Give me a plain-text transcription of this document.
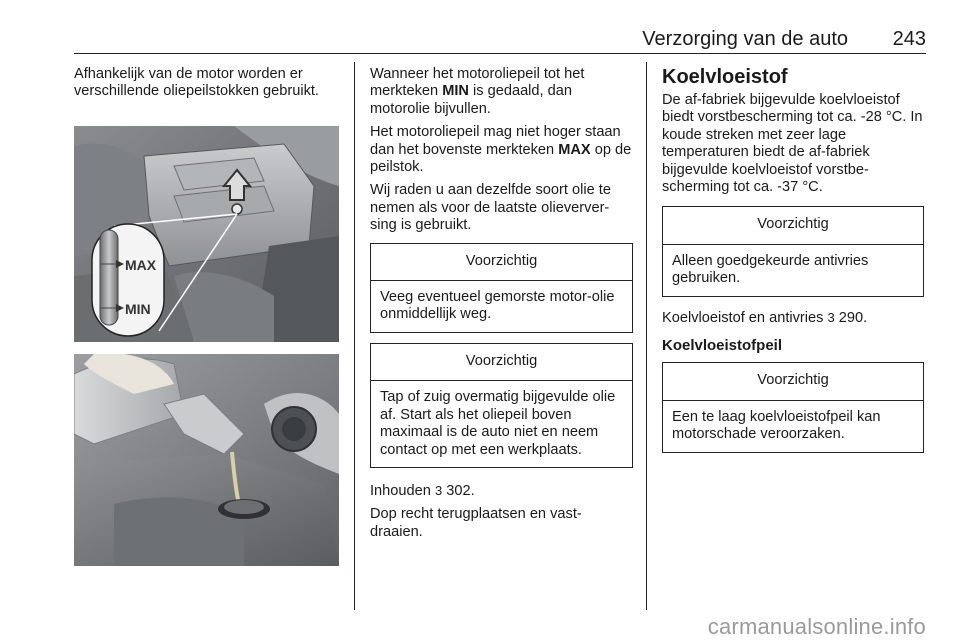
Verzorging van de auto 243

Afhankelijk van de motor worden er verschillende oliepeilstokken gebruikt.

MAX
MIN

Wanneer het motoroliepeil tot het merkteken MIN is gedaald, dan motorolie bijvullen.

Het motoroliepeil mag niet hoger staan dan het bovenste merkteken MAX op de peilstok.

Wij raden u aan dezelfde soort olie te nemen als voor de laatste olieverver-sing is gebruikt.

Voorzichtig
Veeg eventueel gemorste motor-olie onmiddellijk weg.
Voorzichtig
Tap of zuig overmatig bijgevulde olie af. Start als het oliepeil boven maximaal is de auto niet en neem contact op met een werkplaats.

Inhouden 3 302.

Dop recht terugplaatsen en vast-draaien.

Koelvloeistof

De af-fabriek bijgevulde koelvloeistof biedt vorstbescherming tot ca. -28 °C. In koude streken met zeer lage temperaturen biedt de af-fabriek bijgevulde koelvloeistof vorstbe-scherming tot ca. -37 °C.

Voorzichtig
Alleen goedgekeurde antivries gebruiken.

Koelvloeistof en antivries 3 290.

Koelvloeistofpeil
Voorzichtig
Een te laag koelvloeistofpeil kan motorschade veroorzaken.
carmanualsonline.info
